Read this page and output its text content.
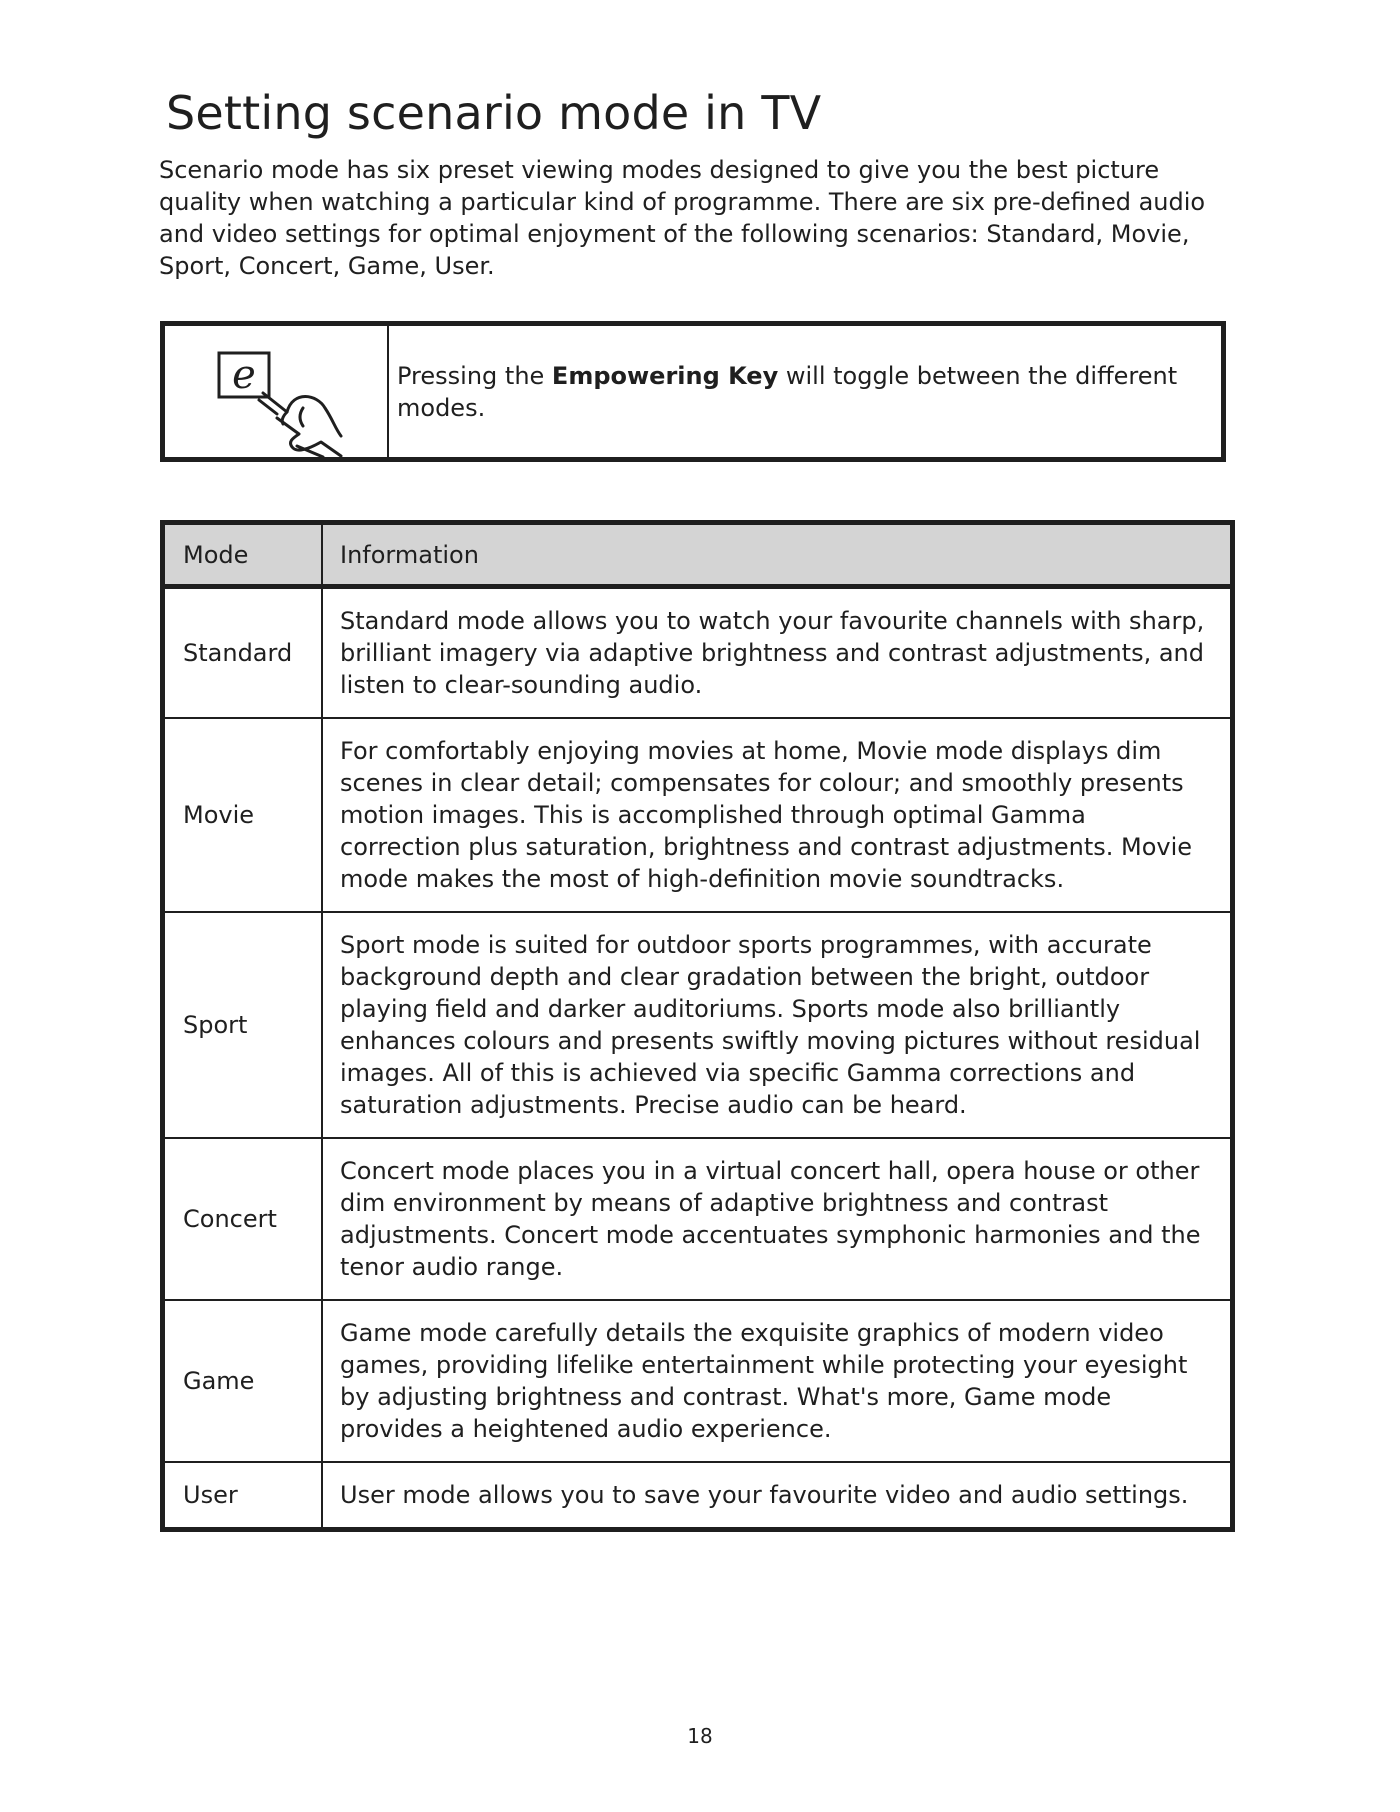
Setting scenario mode in TV

Scenario mode has six preset viewing modes designed to give you the best picture quality when watching a particular kind of programme. There are six pre-defined audio and video settings for optimal enjoyment of the following scenarios: Standard, Movie, Sport, Concert, Game, User.

e	Pressing the Empowering Key will toggle between the different modes.
Mode	Information
Standard	Standard mode allows you to watch your favourite channels with sharp, brilliant imagery via adaptive brightness and contrast adjustments, and listen to clear-sounding audio.
Movie	For comfortably enjoying movies at home, Movie mode displays dim scenes in clear detail; compensates for colour; and smoothly presents motion images. This is accomplished through optimal Gamma correction plus saturation, brightness and contrast adjustments. Movie mode makes the most of high-definition movie soundtracks.
Sport	Sport mode is suited for outdoor sports programmes, with accurate background depth and clear gradation between the bright, outdoor playing field and darker auditoriums. Sports mode also brilliantly enhances colours and presents swiftly moving pictures without residual images. All of this is achieved via specific Gamma corrections and saturation adjustments. Precise audio can be heard.
Concert	Concert mode places you in a virtual concert hall, opera house or other dim environment by means of adaptive brightness and contrast adjustments. Concert mode accentuates symphonic harmonies and the tenor audio range.
Game	Game mode carefully details the exquisite graphics of modern video games, providing lifelike entertainment while protecting your eyesight by adjusting brightness and contrast. What's more, Game mode provides a heightened audio experience.
User	User mode allows you to save your favourite video and audio settings.
18
